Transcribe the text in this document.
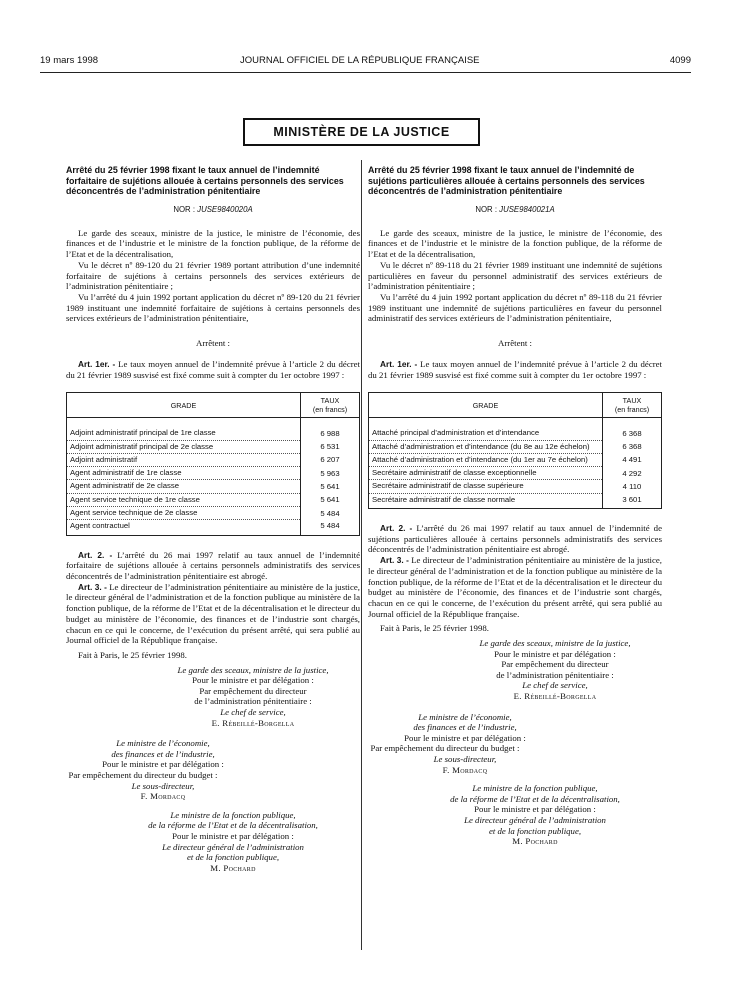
19 mars 1998	JOURNAL OFFICIEL DE LA RÉPUBLIQUE FRANÇAISE	4099
MINISTÈRE DE LA JUSTICE

Arrêté du 25 février 1998 fixant le taux annuel de l’indemnité forfaitaire de sujétions allouée à certains personnels des services déconcentrés de l’administration pénitentiaire

NOR : JUSE9840020A

Le garde des sceaux, ministre de la justice, le ministre de l’économie, des finances et de l’industrie et le ministre de la fonction publique, de la réforme de l’Etat et de la décentralisation,

Vu le décret nº 89-120 du 21 février 1989 portant attribution d’une indemnité forfaitaire de sujétions à certains personnels des services extérieurs de l’administration pénitentiaire ;

Vu l’arrêté du 4 juin 1992 portant application du décret nº 89-120 du 21 février 1989 instituant une indemnité forfaitaire de sujétions à certains personnels des services extérieurs de l’administration pénitentiaire,

Arrêtent :

Art. 1er. - Le taux moyen annuel de l’indemnité prévue à l’article 2 du décret du 21 février 1989 susvisé est fixé comme suit à compter du 1er octobre 1997 :

GRADE	TAUX
(en francs)
Adjoint administratif principal de 1re classe	6 988
Adjoint administratif principal de 2e classe	6 531
Adjoint administratif	6 207
Agent administratif de 1re classe	5 963
Agent administratif de 2e classe	5 641
Agent service technique de 1re classe	5 641
Agent service technique de 2e classe	5 484
Agent contractuel	5 484

Art. 2. - L’arrêté du 26 mai 1997 relatif au taux annuel de l’indemnité forfaitaire de sujétions allouée à certains personnels administratifs des services déconcentrés de l’administration pénitentiaire est abrogé.

Art. 3. - Le directeur de l’administration pénitentiaire au ministère de la justice, le directeur général de l’administration et de la fonction publique au ministère de la fonction publique, de la réforme de l’Etat et de la décentralisation et le directeur du budget au ministère de l’économie, des finances et de l’industrie sont chargés, chacun en ce qui le concerne, de l’exécution du présent arrêté, qui sera publié au Journal officiel de la République française.

Fait à Paris, le 25 février 1998.

Le garde des sceaux, ministre de la justice,
Pour le ministre et par délégation :
Par empêchement du directeur
de l’administration pénitentiaire :
Le chef de service,
E. Rébeillé-Borgella
Le ministre de l’économie,
des finances et de l’industrie,
Pour le ministre et par délégation :
Par empêchement du directeur du budget :
Le sous-directeur,
F. Mordacq
Le ministre de la fonction publique,
de la réforme de l’Etat et de la décentralisation,
Pour le ministre et par délégation :
Le directeur général de l’administration
et de la fonction publique,
M. Pochard

Arrêté du 25 février 1998 fixant le taux annuel de l’indemnité de sujétions particulières allouée à certains personnels des services déconcentrés de l’administration pénitentiaire

NOR : JUSE9840021A

Le garde des sceaux, ministre de la justice, le ministre de l’économie, des finances et de l’industrie et le ministre de la fonction publique, de la réforme de l’Etat et de la décentralisation,

Vu le décret nº 89-118 du 21 février 1989 instituant une indemnité de sujétions particulières en faveur du personnel administratif des services extérieurs de l’administration pénitentiaire ;

Vu l’arrêté du 4 juin 1992 portant application du décret nº 89-118 du 21 février 1989 instituant une indemnité de sujétions particulières en faveur du personnel administratif des services extérieurs de l’administration pénitentiaire,

Arrêtent :

Art. 1er. - Le taux moyen annuel de l’indemnité prévue à l’article 2 du décret du 21 février 1989 susvisé est fixé comme suit à compter du 1er octobre 1997 :

GRADE	TAUX
(en francs)
Attaché principal d’administration et d’intendance	6 368
Attaché d’administration et d’intendance (du 8e au 12e échelon)	6 368
Attaché d’administration et d’intendance (du 1er au 7e échelon)	4 491
Secrétaire administratif de classe exceptionnelle	4 292
Secrétaire administratif de classe supérieure	4 110
Secrétaire administratif de classe normale	3 601

Art. 2. - L’arrêté du 26 mai 1997 relatif au taux annuel de l’indemnité de sujétions particulières allouée à certains personnels administratifs des services déconcentrés de l’administration pénitentiaire est abrogé.

Art. 3. - Le directeur de l’administration pénitentiaire au ministère de la justice, le directeur général de l’administration et de la fonction publique au ministère de la fonction publique, de la réforme de l’Etat et de la décentralisation et le directeur du budget au ministère de l’économie, des finances et de l’industrie sont chargés, chacun en ce qui le concerne, de l’exécution du présent arrêté, qui sera publié au Journal officiel de la République française.

Fait à Paris, le 25 février 1998.

Le garde des sceaux, ministre de la justice,
Pour le ministre et par délégation :
Par empêchement du directeur
de l’administration pénitentiaire :
Le chef de service,
E. Rébeillé-Borgella
Le ministre de l’économie,
des finances et de l’industrie,
Pour le ministre et par délégation :
Par empêchement du directeur du budget :
Le sous-directeur,
F. Mordacq
Le ministre de la fonction publique,
de la réforme de l’Etat et de la décentralisation,
Pour le ministre et par délégation :
Le directeur général de l’administration
et de la fonction publique,
M. Pochard
